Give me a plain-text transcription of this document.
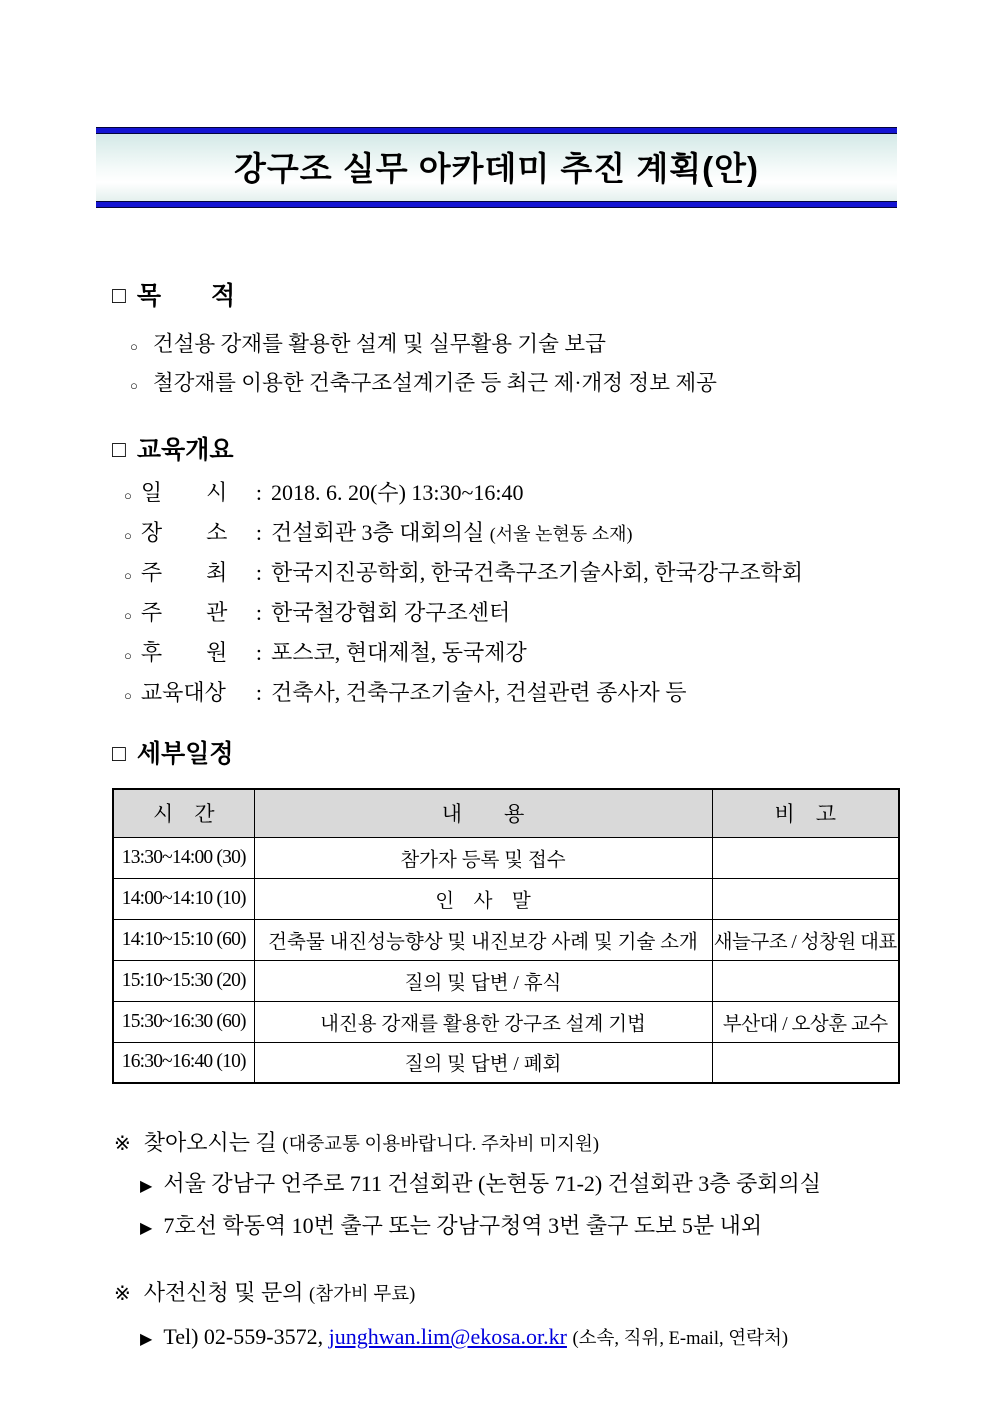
강구조 실무 아카데미 추진 계획(안)
□ 목　　적
○ 건설용 강재를 활용한 설계 및 실무활용 기술 보급
○ 철강재를 이용한 건축구조설계기준 등 최근 제·개정 정보 제공
□ 교육개요
○ 일　　시	: 2018. 6. 20(수) 13:30~16:40
○ 장　　소	: 건설회관 3층 대회의실 (서울 논현동 소재)
○ 주　　최	: 한국지진공학회, 한국건축구조기술사회, 한국강구조학회
○ 주　　관	: 한국철강협회 강구조센터
○ 후　　원	: 포스코, 현대제철, 동국제강
○ 교육대상	: 건축사, 건축구조기술사, 건설관련 종사자 등
□ 세부일정
시　간	내　　용	비　고
13:30~14:00 (30)	참가자 등록 및 접수	
14:00~14:10 (10)	인　사　말	
14:10~15:10 (60)	건축물 내진성능향상 및 내진보강 사례 및 기술 소개	새늘구조 / 성창원 대표
15:10~15:30 (20)	질의 및 답변 / 휴식	
15:30~16:30 (60)	내진용 강재를 활용한 강구조 설계 기법	부산대 / 오상훈 교수
16:30~16:40 (10)	질의 및 답변 / 폐회	
※ 찾아오시는 길 (대중교통 이용바랍니다. 주차비 미지원)
▶ 서울 강남구 언주로 711 건설회관 (논현동 71-2) 건설회관 3층 중회의실
▶ 7호선 학동역 10번 출구 또는 강남구청역 3번 출구 도보 5분 내외
※ 사전신청 및 문의 (참가비 무료)
▶ Tel) 02-559-3572, junghwan.lim@ekosa.or.kr (소속, 직위, E-mail, 연락처)
